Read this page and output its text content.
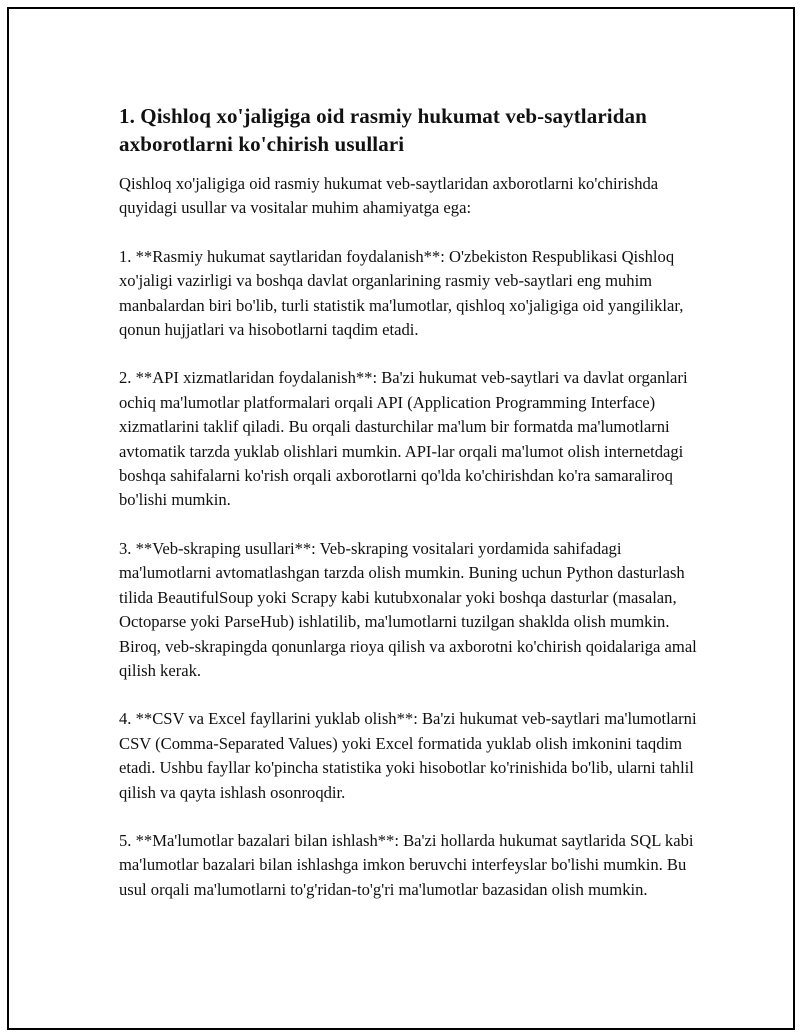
1. Qishloq xo'jaligiga oid rasmiy hukumat veb-saytlaridan axborotlarni ko'chirish usullari

Qishloq xo'jaligiga oid rasmiy hukumat veb-saytlaridan axborotlarni ko'chirishda quyidagi usullar va vositalar muhim ahamiyatga ega:

1. **Rasmiy hukumat saytlaridan foydalanish**: O'zbekiston Respublikasi Qishloq xo'jaligi vazirligi va boshqa davlat organlarining rasmiy veb-saytlari eng muhim manbalardan biri bo'lib, turli statistik ma'lumotlar, qishloq xo'jaligiga oid yangiliklar, qonun hujjatlari va hisobotlarni taqdim etadi.

2. **API xizmatlaridan foydalanish**: Ba'zi hukumat veb-saytlari va davlat organlari ochiq ma'lumotlar platformalari orqali API (Application Programming Interface) xizmatlarini taklif qiladi. Bu orqali dasturchilar ma'lum bir formatda ma'lumotlarni avtomatik tarzda yuklab olishlari mumkin. API-lar orqali ma'lumot olish internetdagi boshqa sahifalarni ko'rish orqali axborotlarni qo'lda ko'chirishdan ko'ra samaraliroq bo'lishi mumkin.

3. **Veb-skraping usullari**: Veb-skraping vositalari yordamida sahifadagi ma'lumotlarni avtomatlashgan tarzda olish mumkin. Buning uchun Python dasturlash tilida BeautifulSoup yoki Scrapy kabi kutubxonalar yoki boshqa dasturlar (masalan, Octoparse yoki ParseHub) ishlatilib, ma'lumotlarni tuzilgan shaklda olish mumkin. Biroq, veb-skrapingda qonunlarga rioya qilish va axborotni ko'chirish qoidalariga amal qilish kerak.

4. **CSV va Excel fayllarini yuklab olish**: Ba'zi hukumat veb-saytlari ma'lumotlarni CSV (Comma-Separated Values) yoki Excel formatida yuklab olish imkonini taqdim etadi. Ushbu fayllar ko'pincha statistika yoki hisobotlar ko'rinishida bo'lib, ularni tahlil qilish va qayta ishlash osonroqdir.

5. **Ma'lumotlar bazalari bilan ishlash**: Ba'zi hollarda hukumat saytlarida SQL kabi ma'lumotlar bazalari bilan ishlashga imkon beruvchi interfeyslar bo'lishi mumkin. Bu usul orqali ma'lumotlarni to'g'ridan-to'g'ri ma'lumotlar bazasidan olish mumkin.
